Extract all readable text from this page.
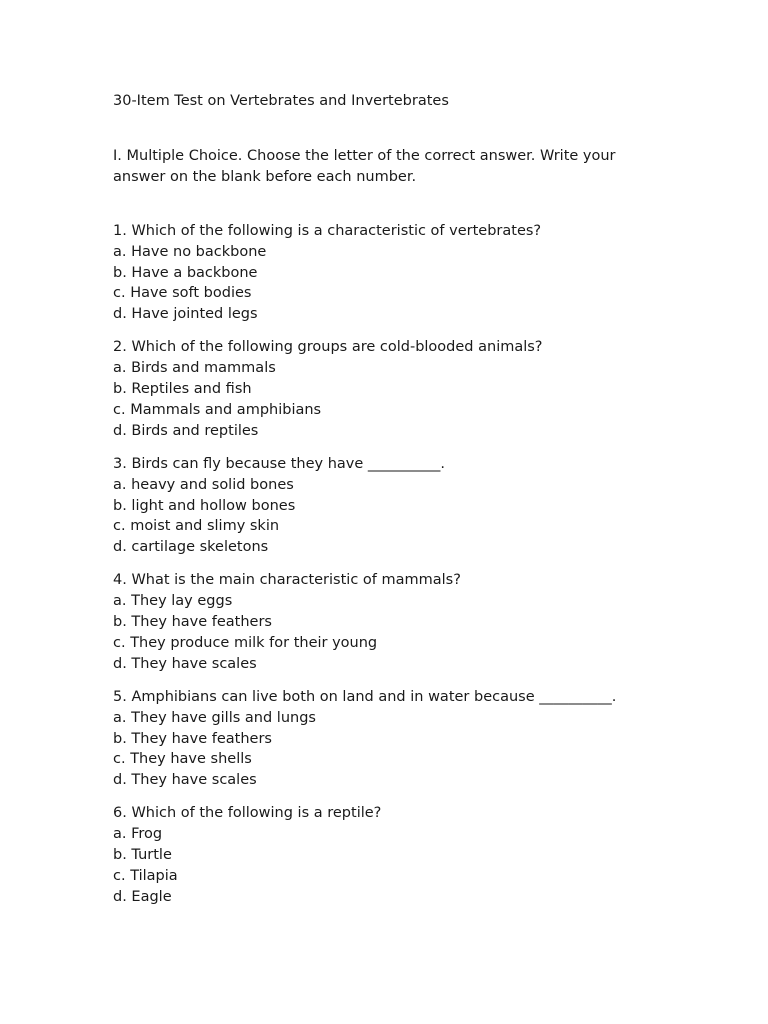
30-Item Test on Vertebrates and Invertebrates
I. Multiple Choice. Choose the letter of the correct answer. Write your answer on the blank before each number.
1. Which of the following is a characteristic of vertebrates?
a. Have no backbone
b. Have a backbone
c. Have soft bodies
d. Have jointed legs
2. Which of the following groups are cold-blooded animals?
a. Birds and mammals
b. Reptiles and fish
c. Mammals and amphibians
d. Birds and reptiles
3. Birds can fly because they have __________.
a. heavy and solid bones
b. light and hollow bones
c. moist and slimy skin
d. cartilage skeletons
4. What is the main characteristic of mammals?
a. They lay eggs
b. They have feathers
c. They produce milk for their young
d. They have scales
5. Amphibians can live both on land and in water because __________.
a. They have gills and lungs
b. They have feathers
c. They have shells
d. They have scales
6. Which of the following is a reptile?
a. Frog
b. Turtle
c. Tilapia
d. Eagle
